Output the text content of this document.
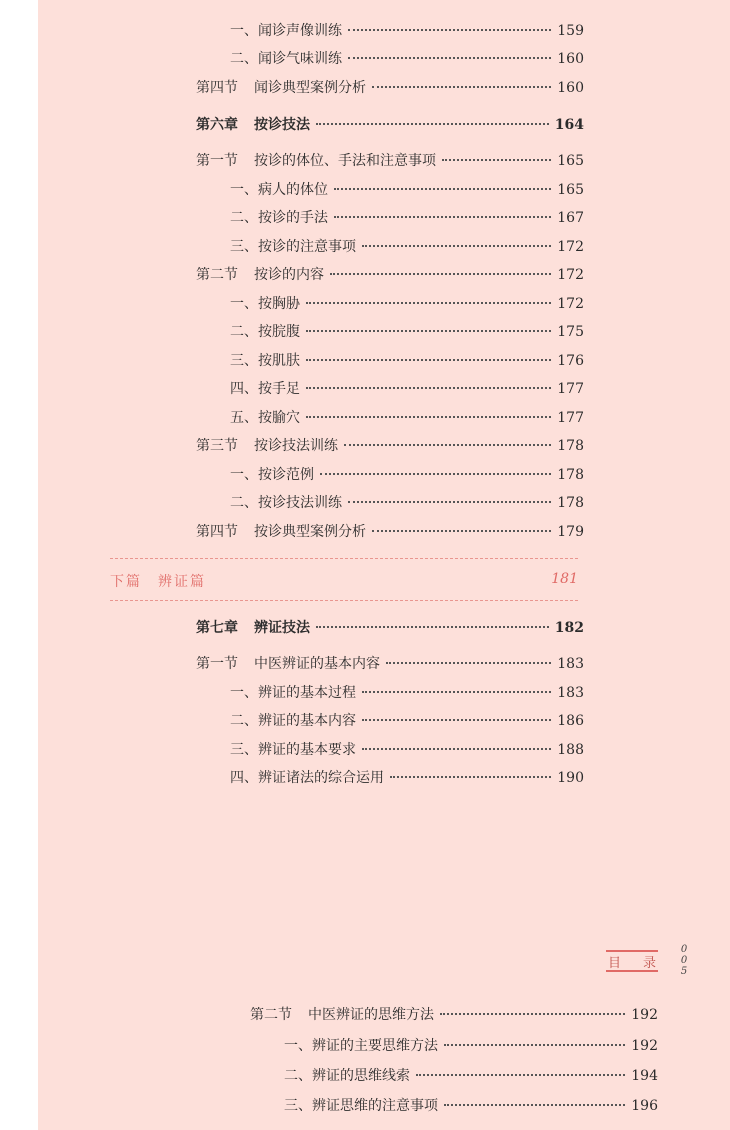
一、闻诊声像训练	159
二、闻诊气味训练	160
第四节 闻诊典型案例分析	160
第六章 按诊技法	164
第一节 按诊的体位、手法和注意事项	165
一、病人的体位	165
二、按诊的手法	167
三、按诊的注意事项	172
第二节 按诊的内容	172
一、按胸胁	172
二、按脘腹	175
三、按肌肤	176
四、按手足	177
五、按腧穴	177
第三节 按诊技法训练	178
一、按诊范例	178
二、按诊技法训练	178
第四节 按诊典型案例分析	179
下篇　辨证篇	181
第七章 辨证技法	182
第一节 中医辨证的基本内容	183
一、辨证的基本过程	183
二、辨证的基本内容	186
三、辨证的基本要求	188
四、辨证诸法的综合运用	190
目 录
0
0
5
第二节 中医辨证的思维方法	192
一、辨证的主要思维方法	192
二、辨证的思维线索	194
三、辨证思维的注意事项	196
